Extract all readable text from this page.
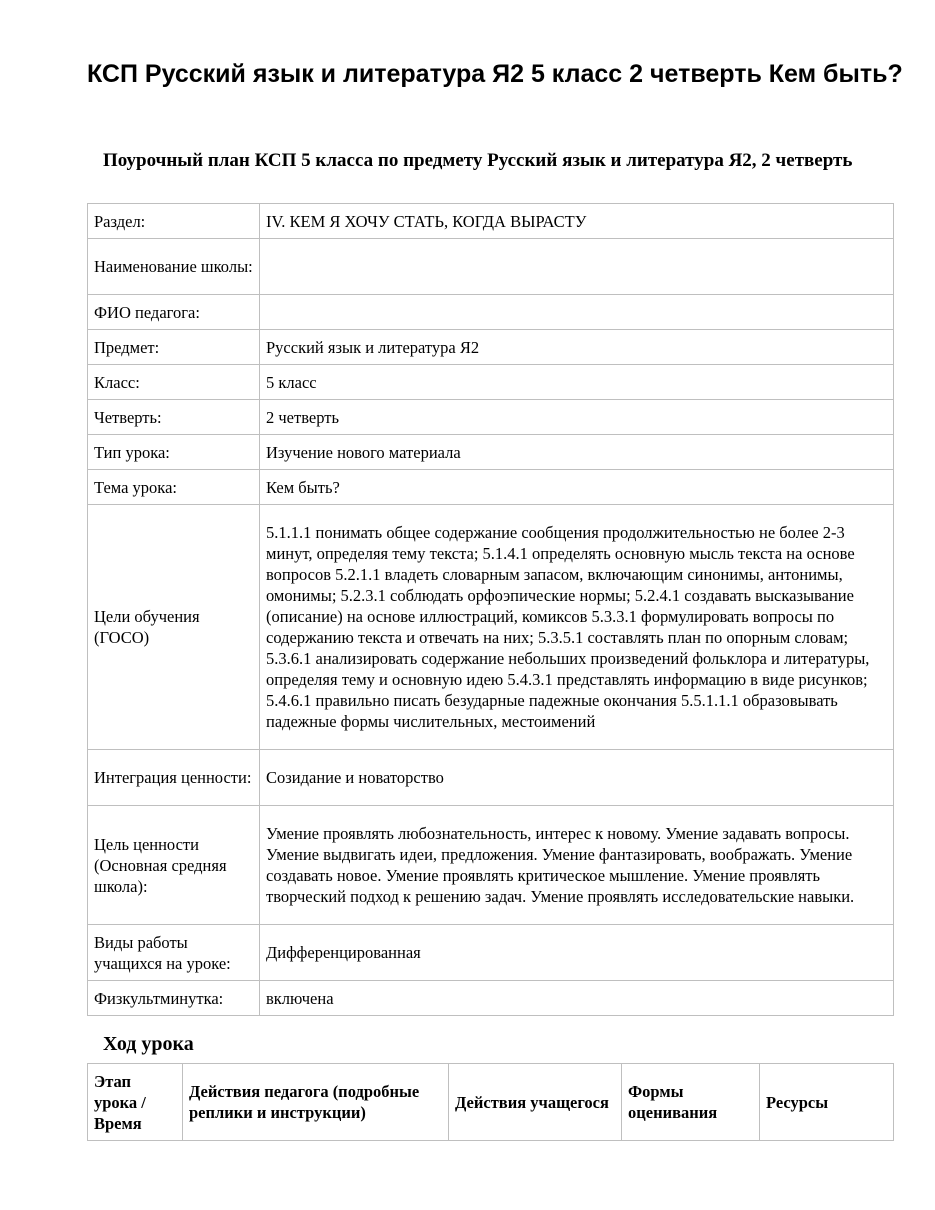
КСП Русский язык и литература Я2 5 класс 2 четверть Кем быть?
Поурочный план КСП 5 класса по предмету Русский язык и литература Я2, 2 четверть
Раздел:	IV. КЕМ Я ХОЧУ СТАТЬ, КОГДА ВЫРАСТУ
Наименование школы:	
ФИО педагога:	
Предмет:	Русский язык и литература Я2
Класс:	5 класс
Четверть:	2 четверть
Тип урока:	Изучение нового материала
Тема урока:	Кем быть?
Цели обучения (ГОСО)	5.1.1.1 понимать общее содержание сообщения продолжительностью не более 2-3 минут, определяя тему текста; 5.1.4.1 определять основную мысль текста на основе вопросов 5.2.1.1 владеть словарным запасом, включающим синонимы, антонимы, омонимы; 5.2.3.1 соблюдать орфоэпические нормы; 5.2.4.1 создавать высказывание (описание) на основе иллюстраций, комиксов 5.3.3.1 формулировать вопросы по содержанию текста и отвечать на них; 5.3.5.1 составлять план по опорным словам; 5.3.6.1 анализировать содержание небольших произведений фольклора и литературы, определяя тему и основную идею 5.4.3.1 представлять информацию в виде рисунков; 5.4.6.1 правильно писать безударные падежные окончания 5.5.1.1.1 образовывать падежные формы числительных, местоимений
Интеграция ценности:	Созидание и новаторство
Цель ценности (Основная средняя школа):	Умение проявлять любознательность, интерес к новому. Умение задавать вопросы. Умение выдвигать идеи, предложения. Умение фантазировать, воображать. Умение создавать новое. Умение проявлять критическое мышление. Умение проявлять творческий подход к решению задач. Умение проявлять исследовательские навыки.
Виды работы учащихся на уроке:	Дифференцированная
Физкультминутка:	включена
Ход урока
Этап урока / Время	Действия педагога (подробные реплики и инструкции)	Действия учащегося	Формы оценивания	Ресурсы
